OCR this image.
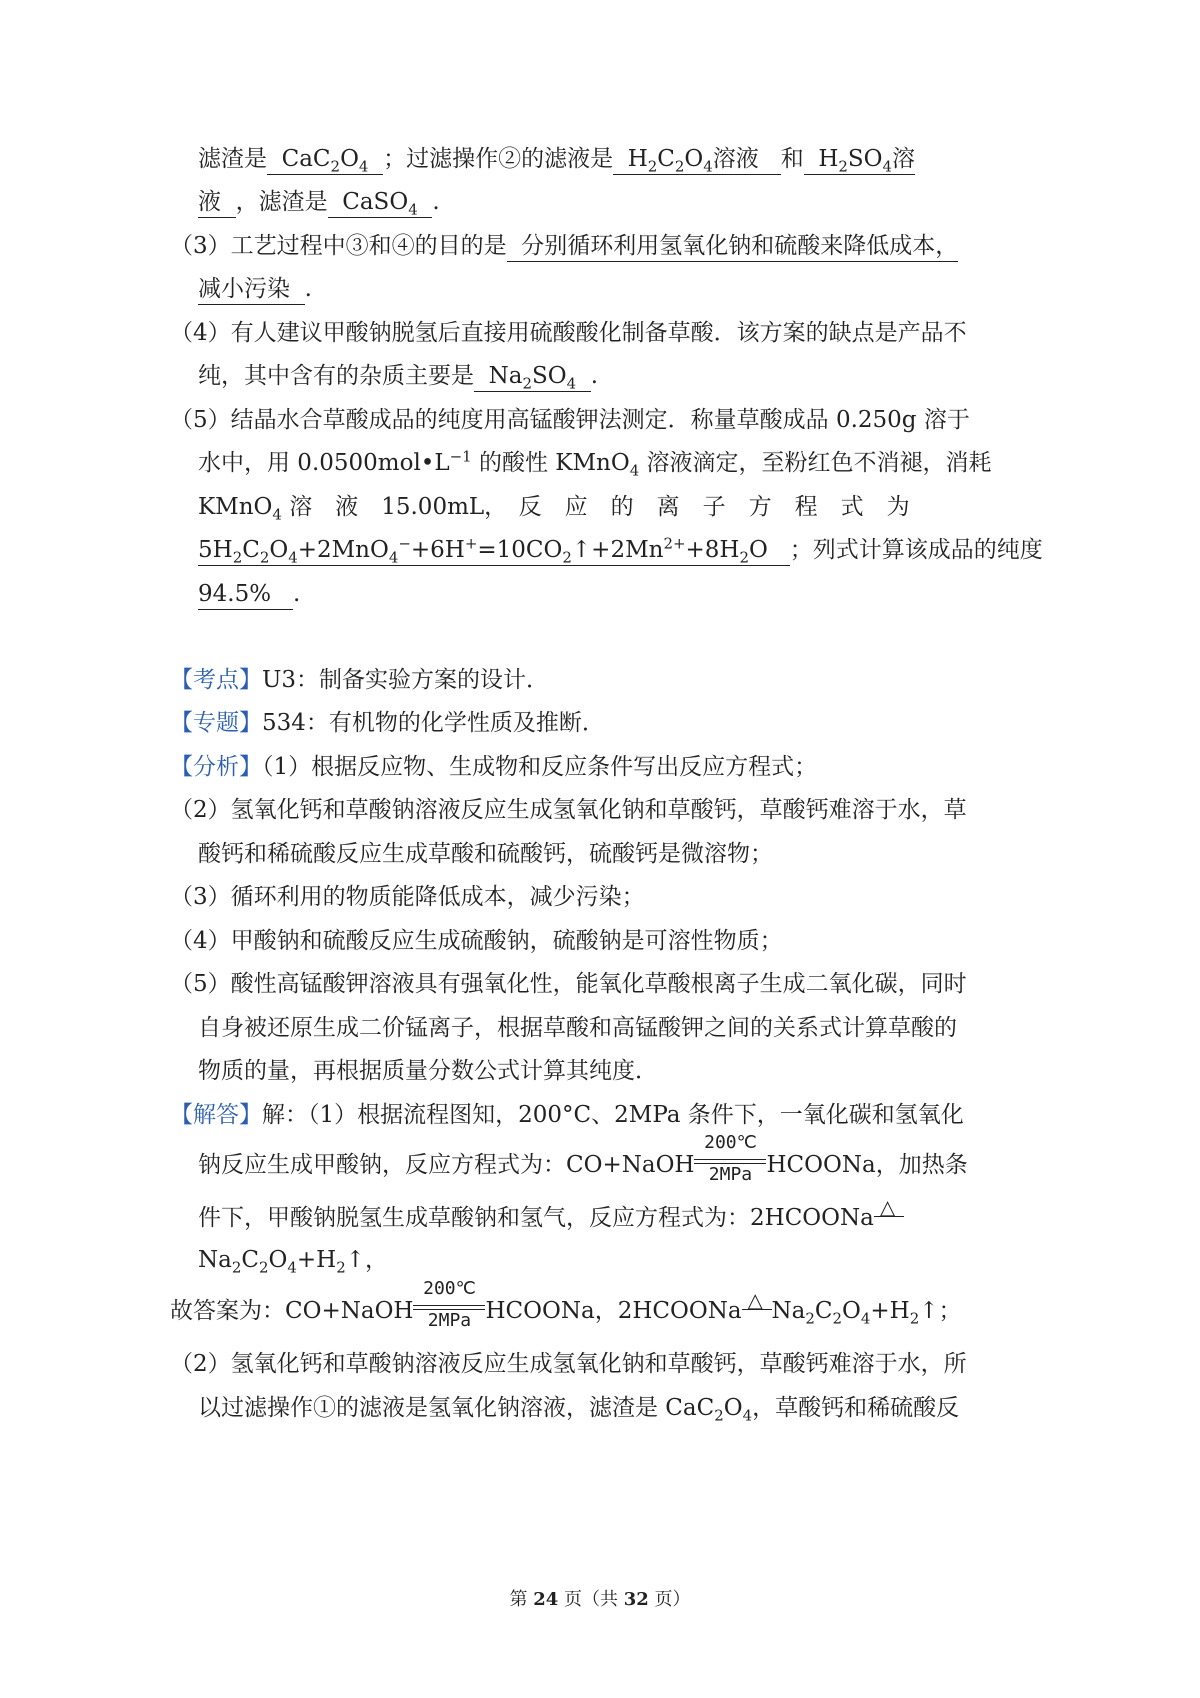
滤渣是 $CaC_2O_4$ ；过滤操作②的滤液是 $H_2C_2O_4$溶液 和 $H_2SO_4$溶
液 ，滤渣是 CaSO$_4$ .
（3）工艺过程中③和④的目的是 分别循环利用氢氧化钠和硫酸来降低成本，
减小污染 .
（4）有人建议甲酸钠脱氢后直接用硫酸酸化制备草酸．该方案的缺点是产品不
纯，其中含有的杂质主要是 $Na_2SO_4$ .
（5）结晶水合草酸成品的纯度用高锰酸钾法测定．称量草酸成品 0.250g 溶于
水中，用 $0.0500mol•L^{-1}$ 的酸性 KMnO$_4$ 溶液滴定，至粉红色不消褪，消耗
KMnO$_4$ 溶　液　15.00mL，　反　应　的　离　子　方　程　式　为
$5H_2C_2O_4+2MnO_4^-+6H^+=10CO_2↑+2Mn^{2+}+8H_2O$ ；列式计算该成品的纯度
94.5% .
【考点】U3：制备实验方案的设计．
【专题】534：有机物的化学性质及推断．
【分析】（1）根据反应物、生成物和反应条件写出反应方程式；
（2）氢氧化钙和草酸钠溶液反应生成氢氧化钠和草酸钙，草酸钙难溶于水，草
酸钙和稀硫酸反应生成草酸和硫酸钙，硫酸钙是微溶物；
（3）循环利用的物质能降低成本，减少污染；
（4）甲酸钠和硫酸反应生成硫酸钠，硫酸钠是可溶性物质；
（5）酸性高锰酸钾溶液具有强氧化性，能氧化草酸根离子生成二氧化碳，同时
自身被还原生成二价锰离子，根据草酸和高锰酸钾之间的关系式计算草酸的
物质的量，再根据质量分数公式计算其纯度．
【解答】解：（1）根据流程图知，200°C、2MPa 条件下，一氧化碳和氢氧化
钠反应生成甲酸钠，反应方程式为：CO+NaOH
200℃
2MPa HCOONa，加热条
件下，甲酸钠脱氢生成草酸钠和氢气，反应方程式为：2HCOONa △
$Na_2C_2O_4+H_2↑$，
故答案为：CO+NaOH
200℃
2MPa HCOONa，2HCOONa △ $Na_2C_2O_4+H_2↑$；
（2）氢氧化钙和草酸钠溶液反应生成氢氧化钠和草酸钙，草酸钙难溶于水，所
以过滤操作①的滤液是氢氧化钠溶液，滤渣是 $CaC_2O_4$，草酸钙和稀硫酸反
第 24 页（共 32 页）
